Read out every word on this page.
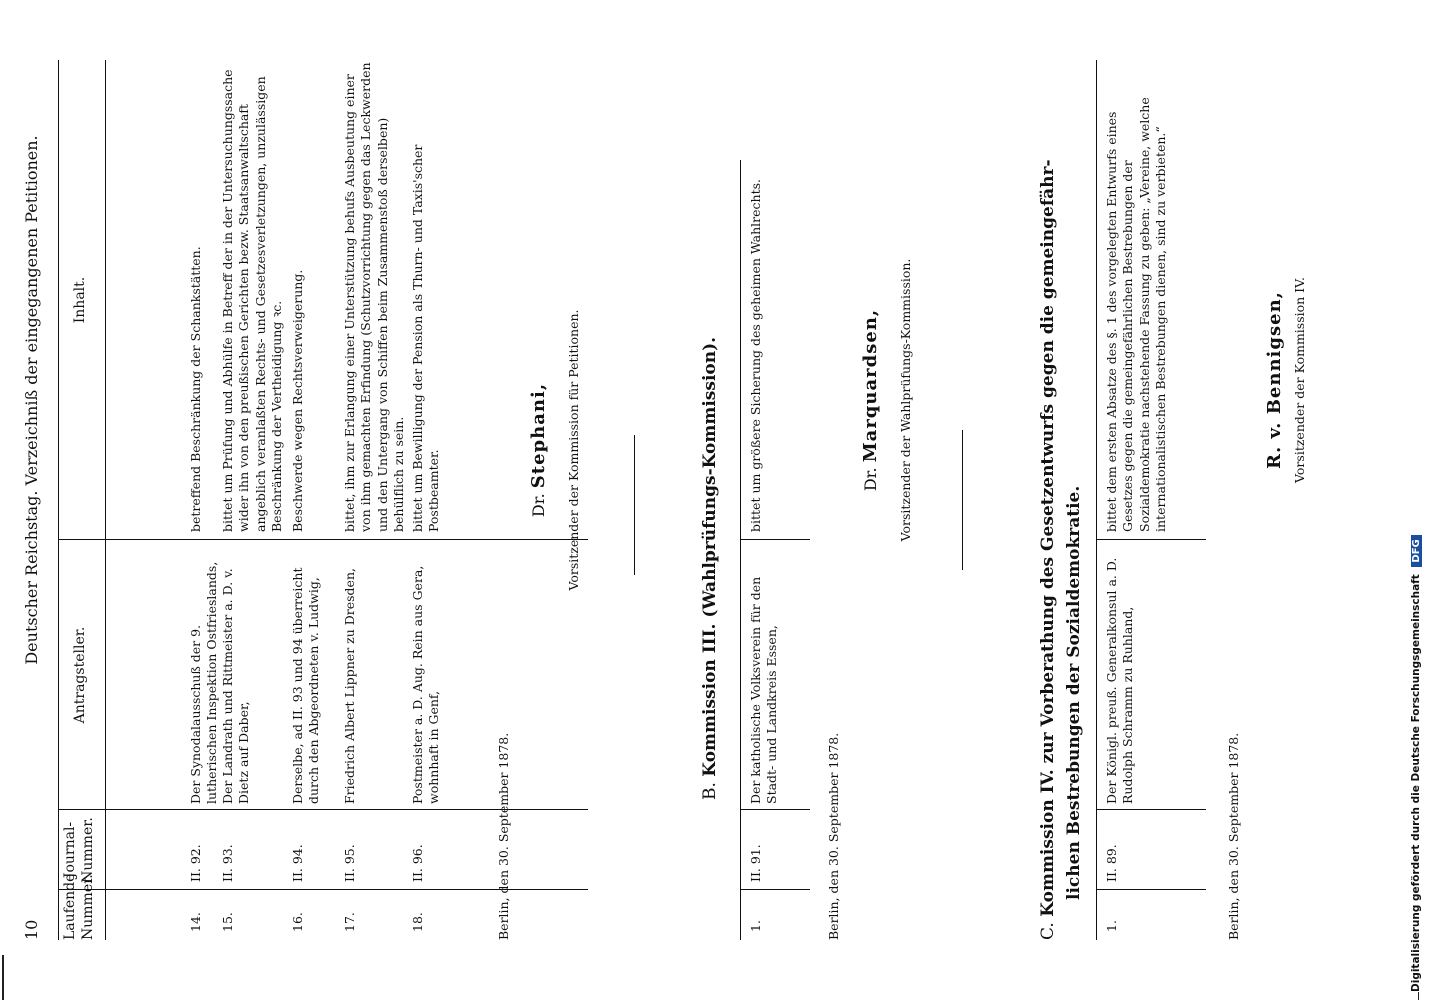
10
Deutscher Reichstag. Verzeichniß der eingegangenen Petitionen.
Laufende Nummer.
Journal-Nummer.
Antragsteller.
Inhalt.
14.
II. 92.
Der Synodalausschuß der 9. lutherischen Inspektion Ostfrieslands,
betreffend Beschränkung der Schankstätten.
15.
II. 93.
Der Landrath und Rittmeister a. D. v. Dietz auf Daber,
bittet um Prüfung und Abhülfe in Betreff der in der Untersuchungssache wider ihn von den preußischen Gerichten bezw. Staatsanwaltschaft angeblich veranlaßten Rechts- und Gesetzesverletzungen, unzulässigen Beschränkung der Vertheidigung ꝛc.
16.
II. 94.
Derselbe, ad II. 93 und 94 überreicht durch den Abgeordneten v. Ludwig,
Beschwerde wegen Rechtsverweigerung.
17.
II. 95.
Friedrich Albert Lippner zu Dresden,
bittet, ihm zur Erlangung einer Unterstützung behufs Ausbeutung einer von ihm gemachten Erfindung (Schutzvorrichtung gegen das Leckwerden und den Untergang von Schiffen beim Zusammenstoß derselben) behülflich zu sein.
18.
II. 96.
Postmeister a. D. Aug. Rein aus Gera, wohnhaft in Genf,
bittet um Bewilligung der Pension als Thurn- und Taxis'scher Postbeamter.
Berlin, den 30. September 1878.
Dr. Stephani, Vorsitzender der Kommission für Petitionen.
B. Kommission III. (Wahlprüfungs-Kommission).
1.
II. 91.
Der katholische Volksverein für den Stadt- und Landkreis Essen,
bittet um größere Sicherung des geheimen Wahlrechts.
Berlin, den 30. September 1878.
Dr. Marquardsen, Vorsitzender der Wahlprüfungs-Kommission.
C. Kommission IV. zur Vorberathung des Gesetzentwurfs gegen die gemeingefähr- lichen Bestrebungen der Sozialdemokratie.
1.
II. 89.
Der Königl. preuß. Generalkonsul a. D. Rudolph Schramm zu Ruhland,
bittet dem ersten Absatze des §. 1 des vorgelegten Entwurfs eines Gesetzes gegen die gemeingefährlichen Bestrebungen der Sozialdemokratie nachstehende Fassung zu geben: „Vereine, welche internationalistischen Bestrebungen dienen, sind zu verbieten.“
Berlin, den 30. September 1878.
R. v. Bennigsen, Vorsitzender der Kommission IV.
Digitalisierung gefördert durch die Deutsche Forschungsgemeinschaft DFG
